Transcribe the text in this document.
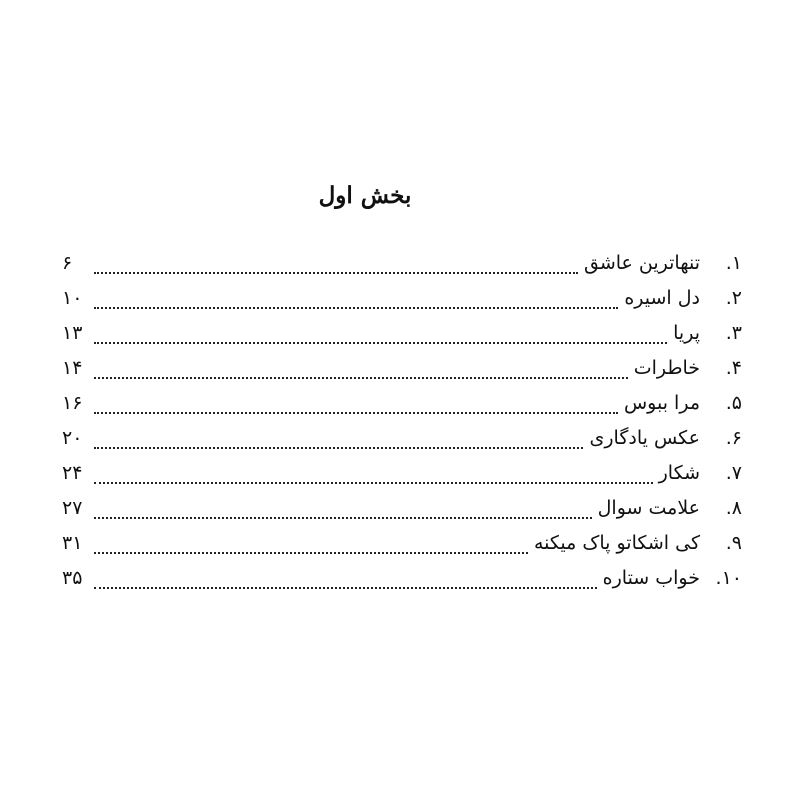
بخش اول
۱.
تنهاترین عاشق
۶
۲.
دل اسیره
۱۰
۳.
پریا
۱۳
۴.
خاطرات
۱۴
۵.
مرا ببوس
۱۶
۶.
عکس یادگاری
۲۰
۷.
شکار
۲۴
۸.
علامت سوال
۲۷
۹.
کی اشکاتو پاک میکنه
۳۱
۱۰.
خواب ستاره
۳۵
